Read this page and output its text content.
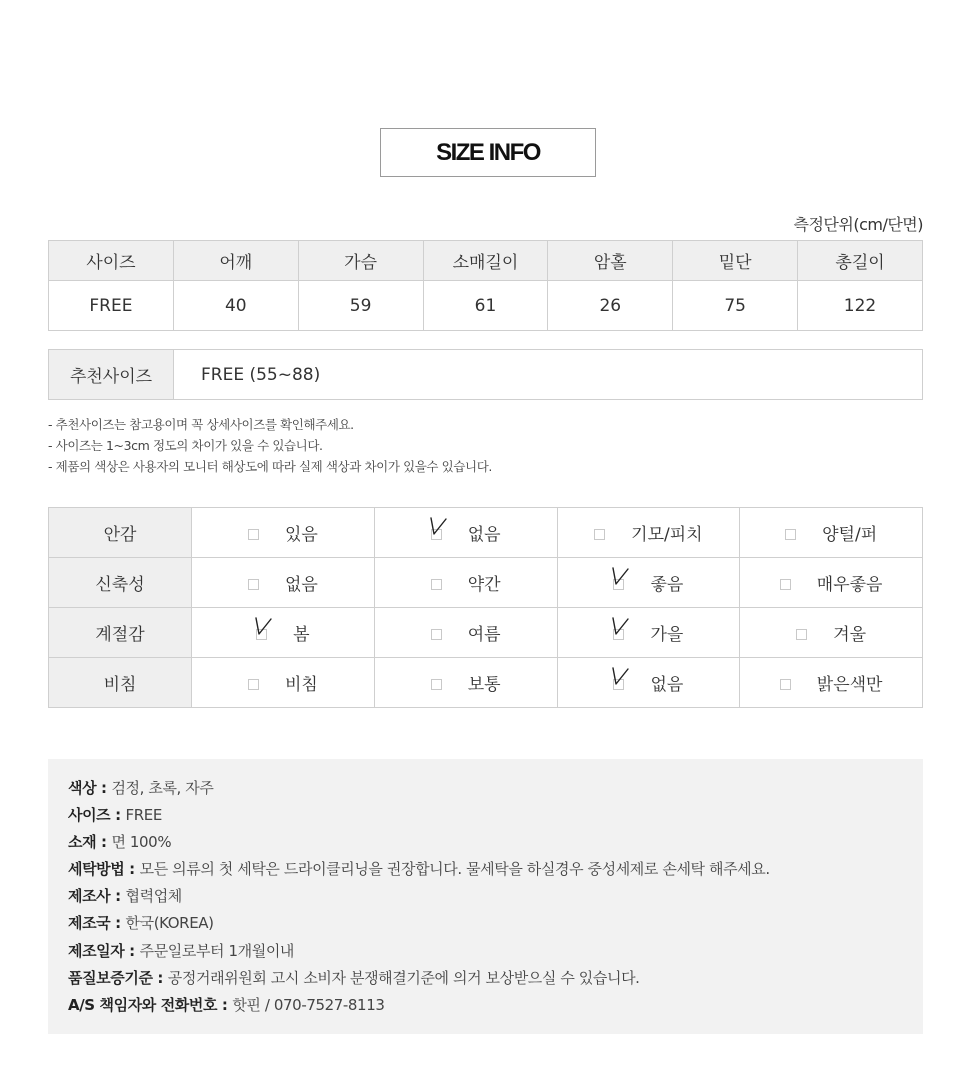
SIZE INFO
측정단위(cm/단면)
사이즈	어깨	가슴	소매길이	암홀	밑단	총길이
FREE	40	59	61	26	75	122
추천사이즈	FREE (55~88)
- 추천사이즈는 참고용이며 꼭 상세사이즈를 확인해주세요.
- 사이즈는 1~3cm 정도의 차이가 있을 수 있습니다.
- 제품의 색상은 사용자의 모니터 해상도에 따라 실제 색상과 차이가 있을수 있습니다.
안감	있음	없음	기모/피치	양털/퍼

신축성	없음	약간	좋음	매우좋음

계절감	봄	여름	가을	겨울

비침	비침	보통	없음	밝은색만
색상 : 검정, 초록, 자주
사이즈 : FREE
소재 : 면 100%
세탁방법 : 모든 의류의 첫 세탁은 드라이클리닝을 권장합니다. 물세탁을 하실경우 중성세제로 손세탁 해주세요.
제조사 : 협력업체
제조국 : 한국(KOREA)
제조일자 : 주문일로부터 1개월이내
품질보증기준 : 공정거래위원회 고시 소비자 분쟁해결기준에 의거 보상받으실 수 있습니다.
A/S 책임자와 전화번호 : 핫핀 / 070-7527-8113
